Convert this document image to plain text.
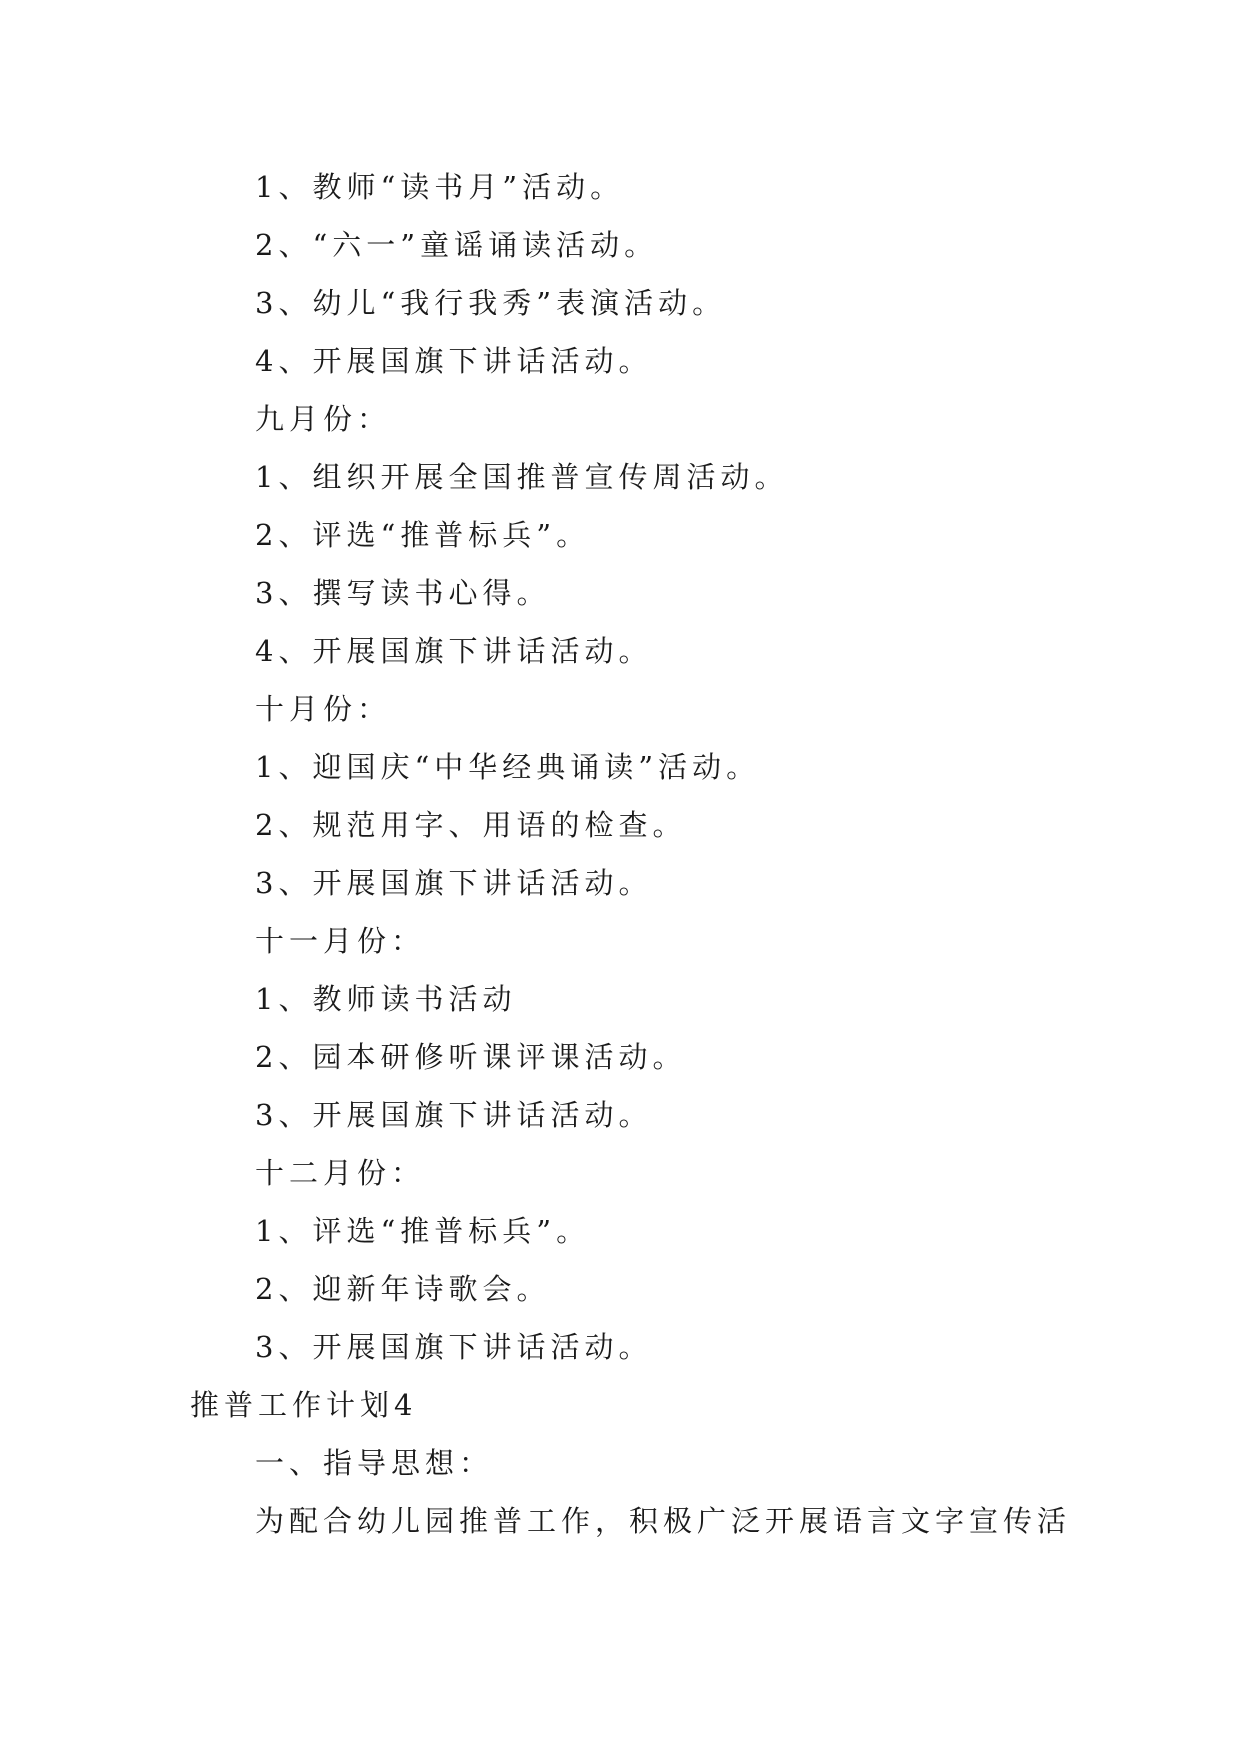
1、教师“读书月”活动。
2、“六一”童谣诵读活动。
3、幼儿“我行我秀”表演活动。
4、开展国旗下讲话活动。
九月份：
1、组织开展全国推普宣传周活动。
2、评选“推普标兵”。
3、撰写读书心得。
4、开展国旗下讲话活动。
十月份：
1、迎国庆“中华经典诵读”活动。
2、规范用字、用语的检查。
3、开展国旗下讲话活动。
十一月份：
1、教师读书活动
2、园本研修听课评课活动。
3、开展国旗下讲话活动。
十二月份：
1、评选“推普标兵”。
2、迎新年诗歌会。
3、开展国旗下讲话活动。
推普工作计划4
一、指导思想：
为配合幼儿园推普工作，积极广泛开展语言文字宣传活
